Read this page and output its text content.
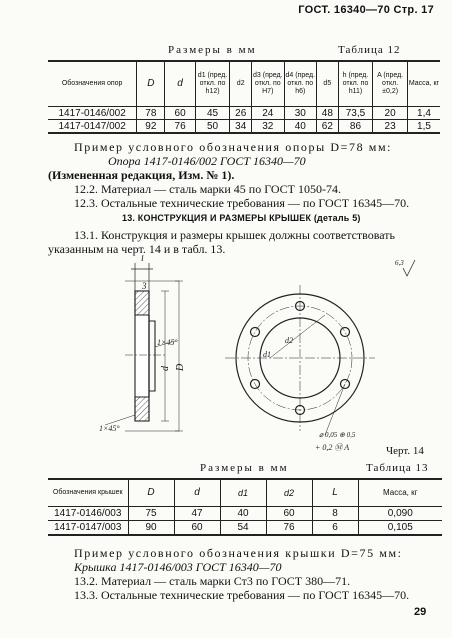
ГОСТ. 16340—70 Стр. 17
Размеры в мм	Таблица 12
Обозначения опор	D	d	d1 (пред. откл. по h12)	d2	d3 (пред. откл. по Н7)	d4 (пред. откл. по h6)	d5	h (пред. откл. по h11)	A (пред. откл. ±0,2)	Масса, кг
1417-0146/002	78	60	45	26	24	30	48	73,5	20	1,4
1417-0147/002	92	76	50	34	32	40	62	86	23	1,5
Пример условного обозначения опоры D=78 мм:
Опора 1417-0146/002 ГОСТ 16340—70
(Измененная редакция, Изм. № 1).
12.2. Материал — сталь марки 45 по ГОСТ 1050-74.
12.3. Остальные технические требования — по ГОСТ 16345—70.
13. КОНСТРУКЦИЯ И РАЗМЕРЫ КРЫШЕК (деталь 5)
13.1. Конструкция и размеры крышек должны соответствовать
указанным на черт. 14 и в табл. 13.
l
3
1×45°
1×45°
d D
d1
d2
6,3
⌀ 0,05 ⊕ 0,5
+ 0,2 Ⓜ A	Черт. 14
Размеры в мм	Таблица 13
Обозначения крышек	D	d	d1	d2	L	Масса, кг
1417-0146/003	75	47	40	60	8	0,090
1417-0147/003	90	60	54	76	6	0,105
Пример условного обозначения крышки D=75 мм:
Крышка 1417-0146/003 ГОСТ 16340—70
13.2. Материал — сталь марки Ст3 по ГОСТ 380—71.
13.3. Остальные технические требования — по ГОСТ 16345—70.
29
